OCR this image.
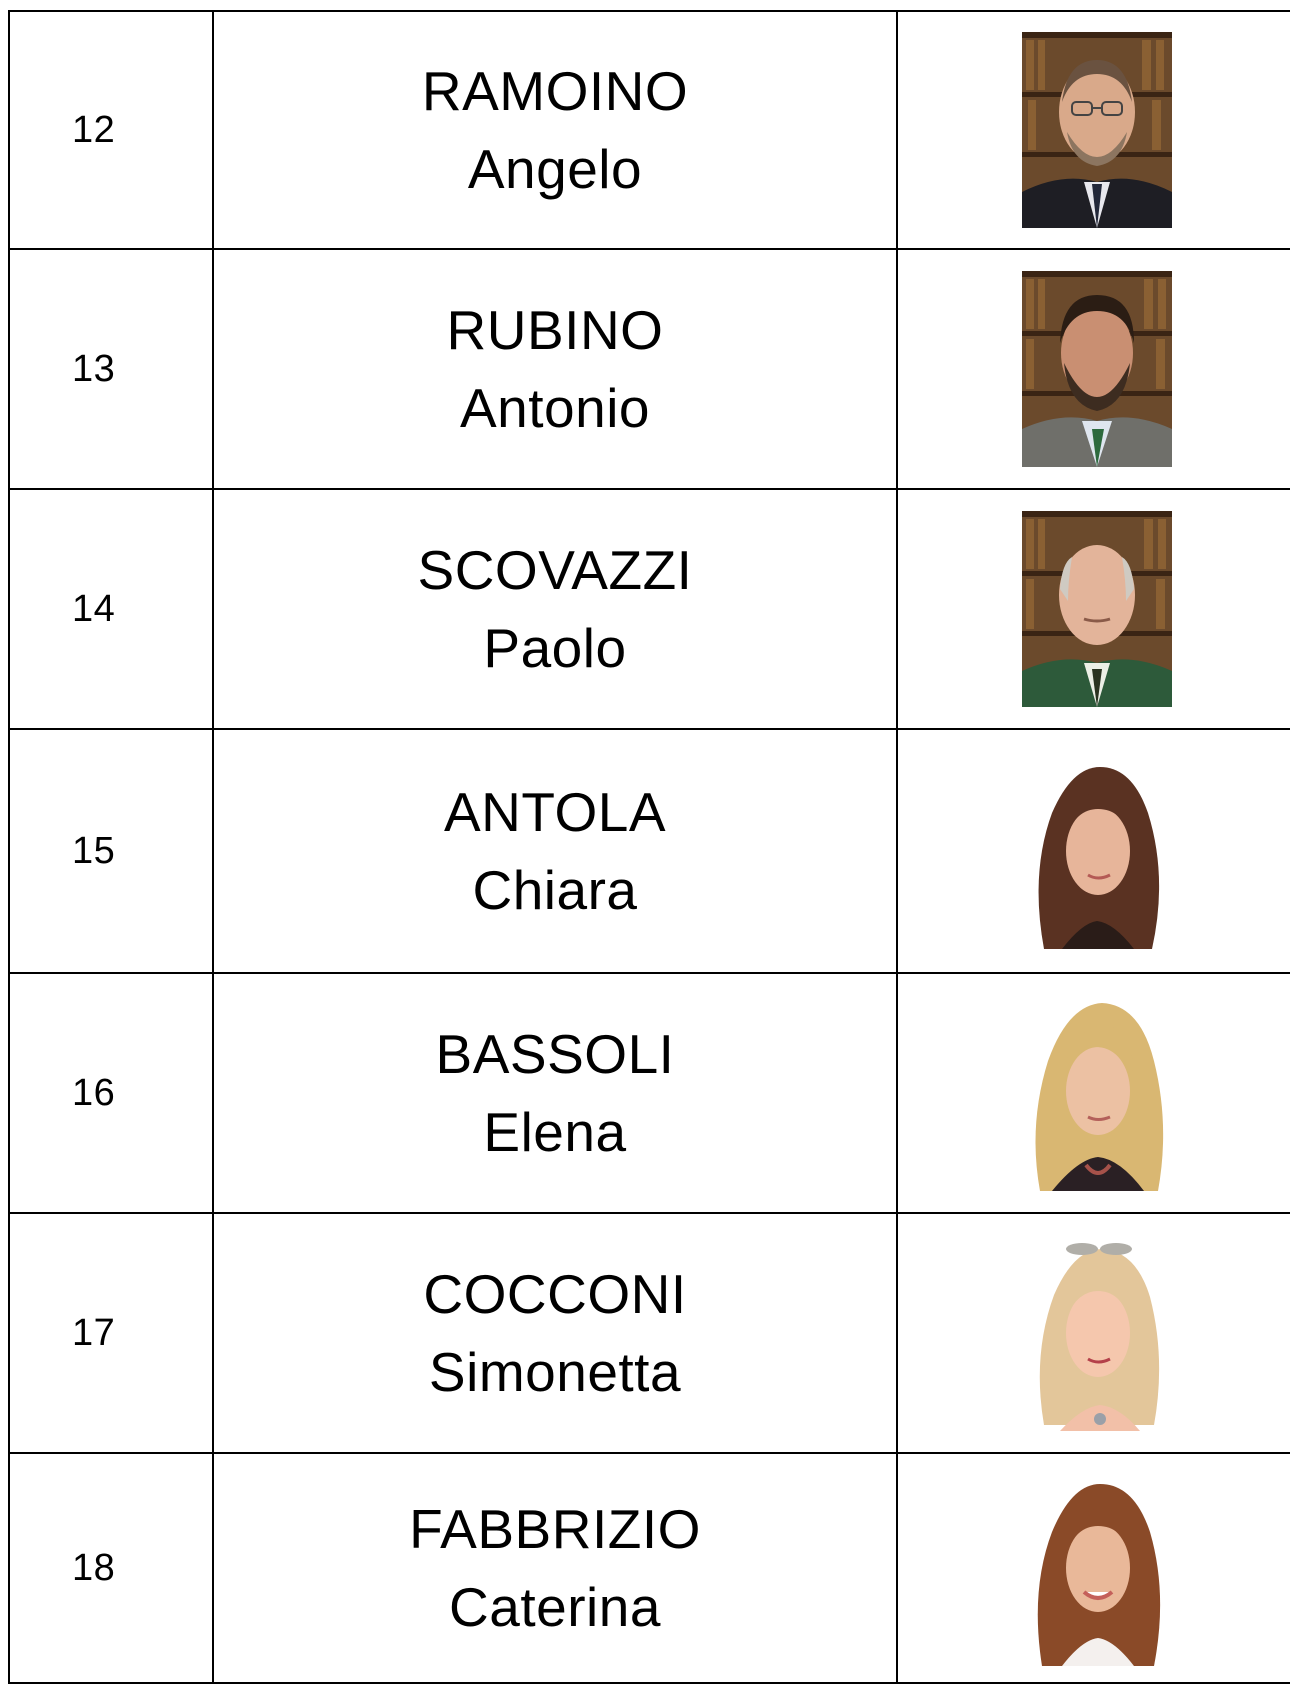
12	RAMOINO
Angelo

13	RUBINO
Antonio

14	SCOVAZZI
Paolo

15	ANTOLA
Chiara

16	BASSOLI
Elena

17	COCCONI
Simonetta

18	FABBRIZIO
Caterina
